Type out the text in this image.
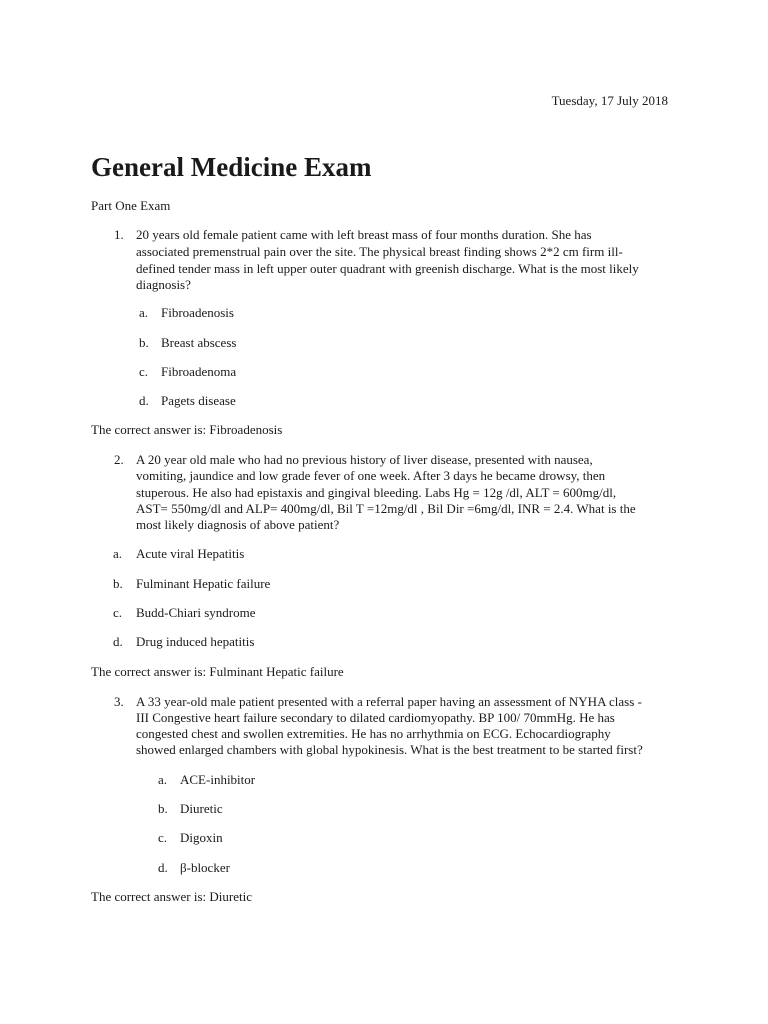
Tuesday, 17 July 2018
General Medicine Exam
Part One Exam
1. 20 years old female patient came with left breast mass of four months duration. She has
associated premenstrual pain over the site. The physical breast finding shows 2*2 cm firm ill-
defined tender mass in left upper outer quadrant with greenish discharge. What is the most likely
diagnosis?
a. Fibroadenosis
b. Breast abscess
c. Fibroadenoma
d. Pagets disease
The correct answer is: Fibroadenosis
2. A 20 year old male who had no previous history of liver disease, presented with nausea,
vomiting, jaundice and low grade fever of one week. After 3 days he became drowsy, then
stuperous. He also had epistaxis and gingival bleeding. Labs Hg = 12g /dl, ALT = 600mg/dl,
AST= 550mg/dl and ALP= 400mg/dl, Bil T =12mg/dl , Bil Dir =6mg/dl, INR = 2.4. What is the
most likely diagnosis of above patient?
a.	Acute viral Hepatitis
b.	Fulminant Hepatic failure
c.	Budd-Chiari syndrome
d.	Drug induced hepatitis
The correct answer is: Fulminant Hepatic failure
3. A 33 year-old male patient presented with a referral paper having an assessment of NYHA class -
III Congestive heart failure secondary to dilated cardiomyopathy. BP 100/ 70mmHg. He has
congested chest and swollen extremities. He has no arrhythmia on ECG. Echocardiography
showed enlarged chambers with global hypokinesis. What is the best treatment to be started first?
a. ACE-inhibitor
b. Diuretic
c. Digoxin
d. β-blocker
The correct answer is: Diuretic
